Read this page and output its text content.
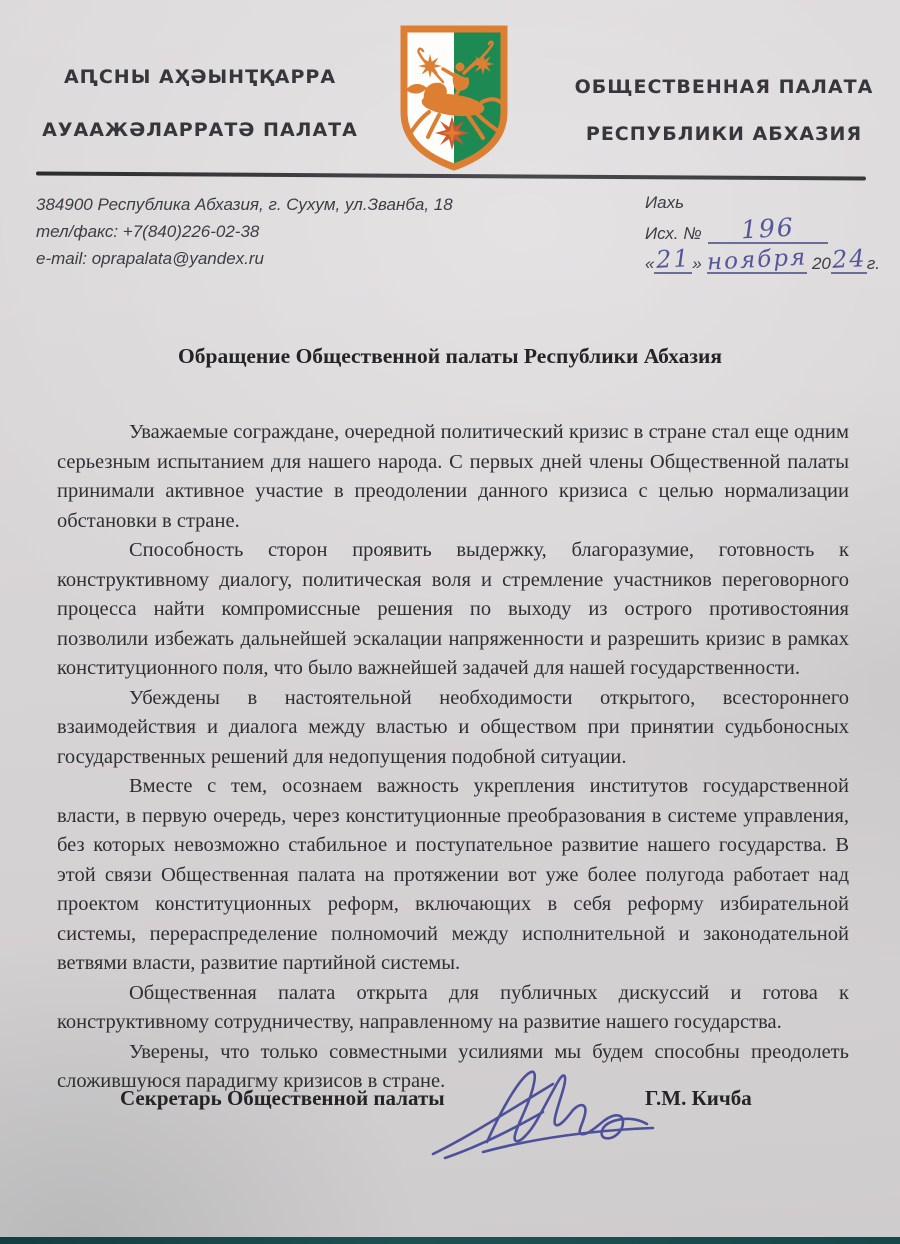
АԤСНЫ АҲӘЫНҬҚАРРА
АУААЖӘЛАРРАТӘ ПАЛАТА
ОБЩЕСТВЕННАЯ ПАЛАТА
РЕСПУБЛИКИ АБХАЗИЯ
384900 Республика Абхазия, г. Сухум, ул.Званба, 18
тел/факс: +7(840)226-02-38
e-mail: oprapalata@yandex.ru
Иахь
Исх. №	196
« 21 » ноября 20 24 г.
Обращение Общественной палаты Республики Абхазия

Уважаемые сограждане, очередной политический кризис в стране стал еще одним серьезным испытанием для нашего народа. С первых дней члены Общественной палаты принимали активное участие в преодолении данного кризиса с целью нормализации обстановки в стране.

Способность сторон проявить выдержку, благоразумие, готовность к конструктивному диалогу, политическая воля и стремление участников переговорного процесса найти компромиссные решения по выходу из острого противостояния позволили избежать дальнейшей эскалации напряженности и разрешить кризис в рамках конституционного поля, что было важнейшей задачей для нашей государственности.

Убеждены в настоятельной необходимости открытого, всестороннего взаимодействия и диалога между властью и обществом при принятии судьбоносных государственных решений для недопущения подобной ситуации.

Вместе с тем, осознаем важность укрепления институтов государственной власти, в первую очередь, через конституционные преобразования в системе управления, без которых невозможно стабильное и поступательное развитие нашего государства. В этой связи Общественная палата на протяжении вот уже более полугода работает над проектом конституционных реформ, включающих в себя реформу избирательной системы, перераспределение полномочий между исполнительной и законодательной ветвями власти, развитие партийной системы.

Общественная палата открыта для публичных дискуссий и готова к конструктивному сотрудничеству, направленному на развитие нашего государства.

Уверены, что только совместными усилиями мы будем способны преодолеть сложившуюся парадигму кризисов в стране.

Секретарь Общественной палаты	Г.М. Кичба
